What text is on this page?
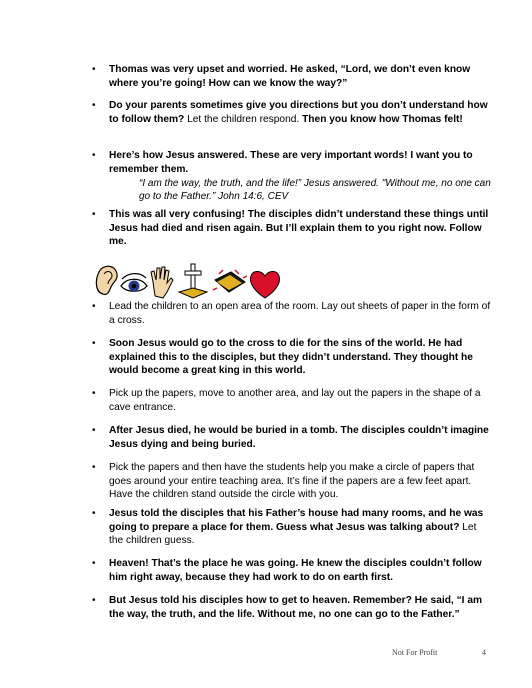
• Thomas was very upset and worried. He asked, “Lord, we don’t even know where you’re going! How can we know the way?”
• Do your parents sometimes give you directions but you don’t understand how to follow them? Let the children respond. Then you know how Thomas felt!
• Here’s how Jesus answered. These are very important words! I want you to remember them.
“I am the way, the truth, and the life!” Jesus answered. "Without me, no one can go to the Father.” John 14:6, CEV
• This was all very confusing! The disciples didn’t understand these things until Jesus had died and risen again. But I’ll explain them to you right now. Follow me.
• Lead the children to an open area of the room. Lay out sheets of paper in the form of a cross.
• Soon Jesus would go to the cross to die for the sins of the world. He had explained this to the disciples, but they didn’t understand. They thought he would become a great king in this world.
• Pick up the papers, move to another area, and lay out the papers in the shape of a cave entrance.
• After Jesus died, he would be buried in a tomb. The disciples couldn’t imagine Jesus dying and being buried.
• Pick the papers and then have the students help you make a circle of papers that goes around your entire teaching area. It’s fine if the papers are a few feet apart. Have the children stand outside the circle with you.
• Jesus told the disciples that his Father’s house had many rooms, and he was going to prepare a place for them. Guess what Jesus was talking about? Let the children guess.
• Heaven! That’s the place he was going. He knew the disciples couldn’t follow him right away, because they had work to do on earth first.
• But Jesus told his disciples how to get to heaven. Remember? He said, “I am the way, the truth, and the life. Without me, no one can go to the Father.”
Not For Profit	4
